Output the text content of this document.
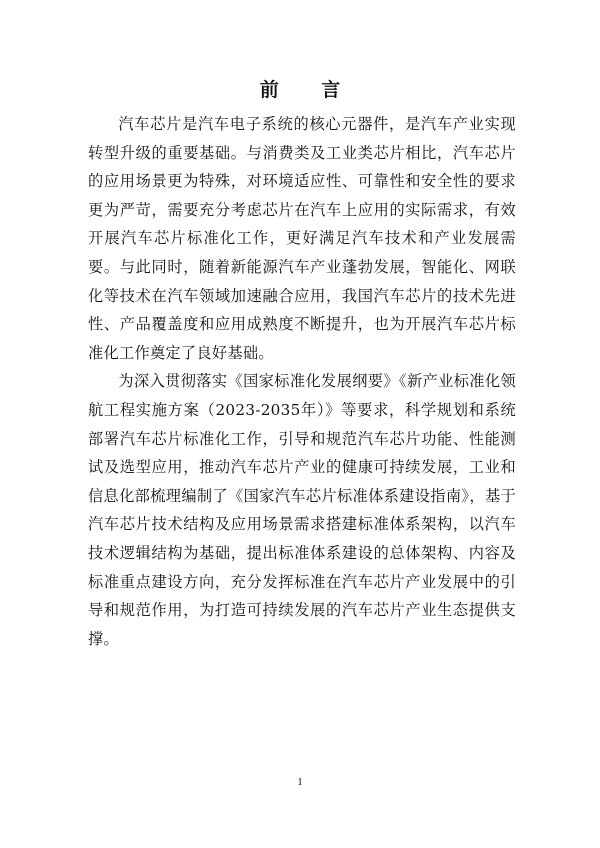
前 言

汽车芯片是汽车电子系统的核心元器件，是汽车产业实现转型升级的重要基础。与消费类及工业类芯片相比，汽车芯片的应用场景更为特殊，对环境适应性、可靠性和安全性的要求更为严苛，需要充分考虑芯片在汽车上应用的实际需求，有效开展汽车芯片标准化工作，更好满足汽车技术和产业发展需要。与此同时，随着新能源汽车产业蓬勃发展，智能化、网联化等技术在汽车领域加速融合应用，我国汽车芯片的技术先进性、产品覆盖度和应用成熟度不断提升，也为开展汽车芯片标准化工作奠定了良好基础。

为深入贯彻落实《国家标准化发展纲要》《新产业标准化领航工程实施方案（2023-2035年）》等要求，科学规划和系统部署汽车芯片标准化工作，引导和规范汽车芯片功能、性能测试及选型应用，推动汽车芯片产业的健康可持续发展，工业和信息化部梳理编制了《国家汽车芯片标准体系建设指南》，基于汽车芯片技术结构及应用场景需求搭建标准体系架构，以汽车技术逻辑结构为基础，提出标准体系建设的总体架构、内容及标准重点建设方向，充分发挥标准在汽车芯片产业发展中的引导和规范作用，为打造可持续发展的汽车芯片产业生态提供支撑。

1
